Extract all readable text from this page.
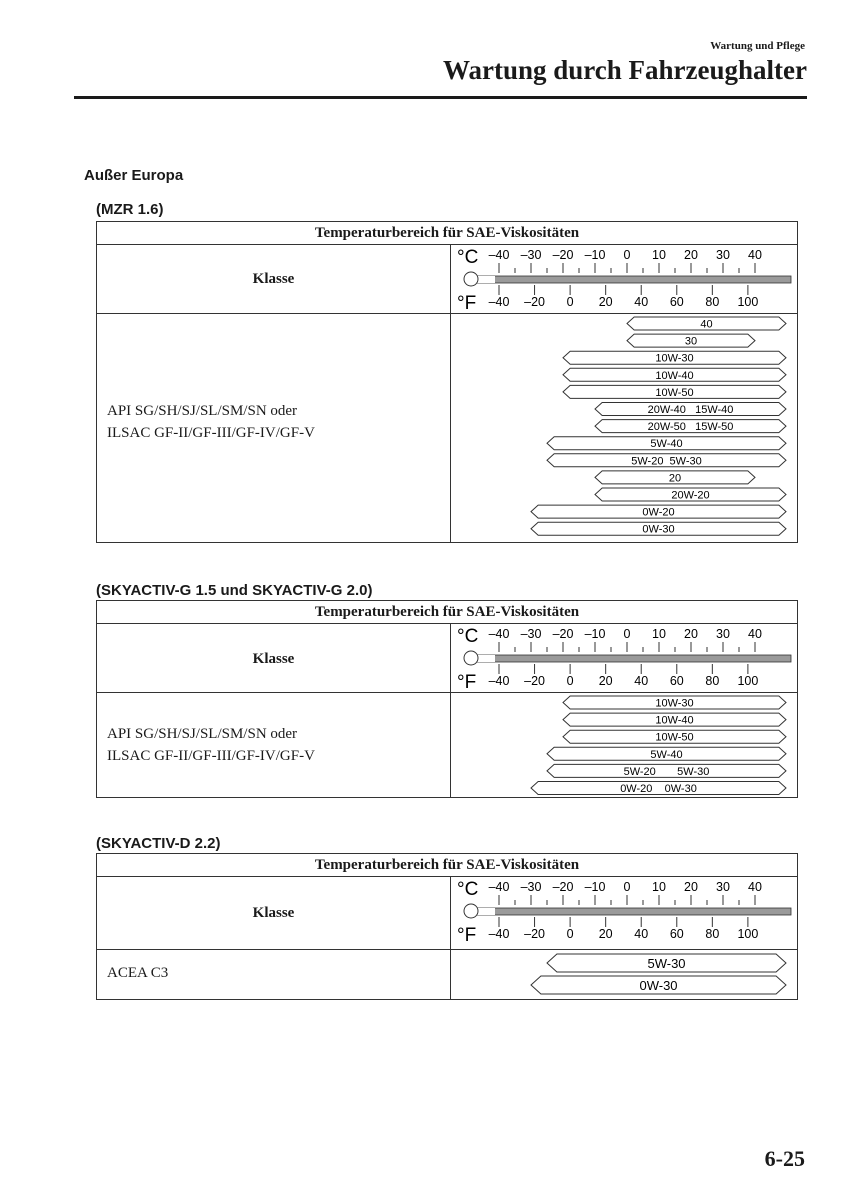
Wartung und Pflege
Wartung durch Fahrzeughalter
Außer Europa
(MZR 1.6)
Temperaturbereich für SAE-Viskositäten
Klasse
API SG/SH/SJ/SL/SM/SN oder
ILSAC GF-II/GF-III/GF-IV/GF-V
°C –40 –30 –20 –10 0 10 20 30 40
–40 –20 0 20 40 60 80 100
°F
40
30
10W-30
10W-40
10W-50
20W-40   15W-40
20W-50   15W-50
5W-40
5W-20  5W-30
20
20W-20
0W-20
0W-30
(SKYACTIV-G 1.5 und SKYACTIV-G 2.0)
Temperaturbereich für SAE-Viskositäten
Klasse
API SG/SH/SJ/SL/SM/SN oder
ILSAC GF-II/GF-III/GF-IV/GF-V
°C –40 –30 –20 –10 0 10 20 30 40
–40 –20 0 20 40 60 80 100
°F
10W-30
10W-40
10W-50
5W-40
5W-20       5W-30
0W-20    0W-30
(SKYACTIV-D 2.2)
Temperaturbereich für SAE-Viskositäten
Klasse
ACEA C3
°C –40 –30 –20 –10 0 10 20 30 40
–40 –20 0 20 40 60 80 100
°F
5W-30
0W-30
6-25
